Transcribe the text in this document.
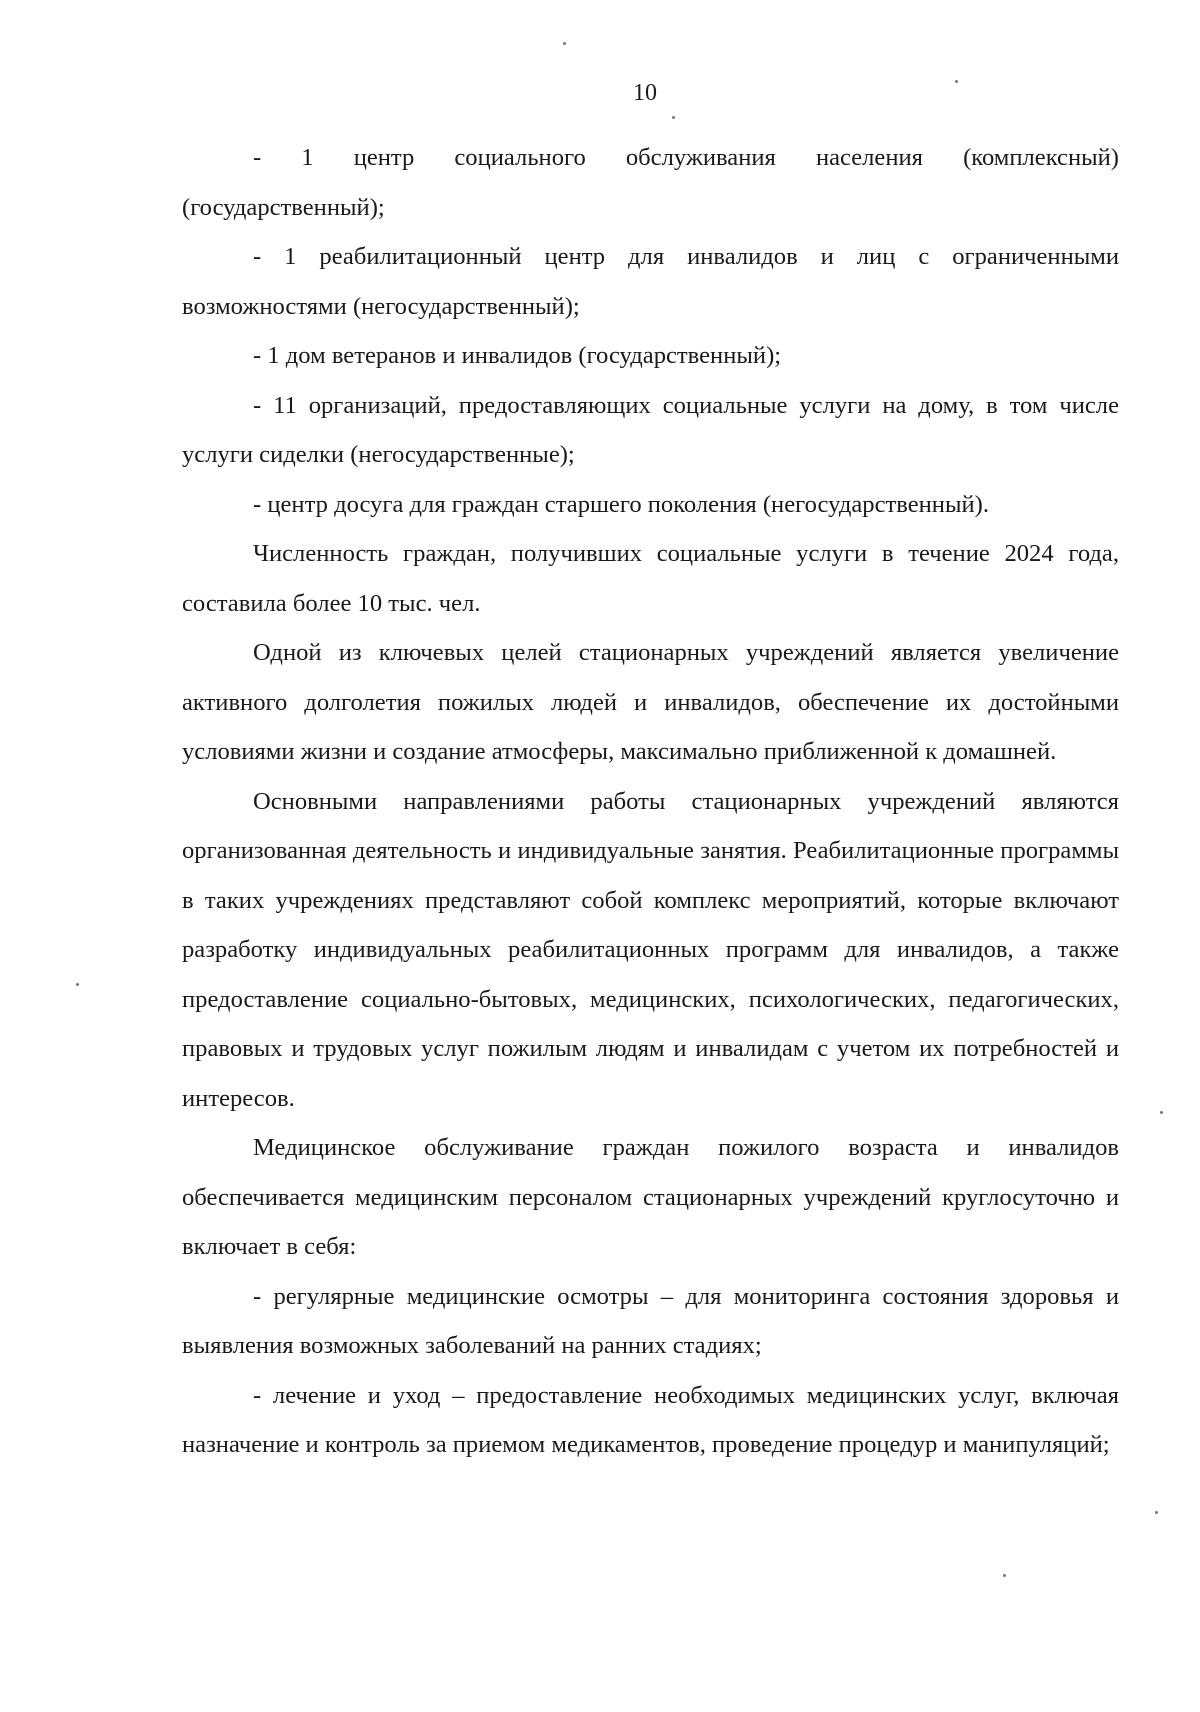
10

- 1 центр социального обслуживания населения (комплексный) (государственный);

- 1 реабилитационный центр для инвалидов и лиц с ограниченными возможностями (негосударственный);

- 1 дом ветеранов и инвалидов (государственный);

- 11 организаций, предоставляющих социальные услуги на дому, в том числе услуги сиделки (негосударственные);

- центр досуга для граждан старшего поколения (негосударственный).

Численность граждан, получивших социальные услуги в течение 2024 года, составила более 10 тыс. чел.

Одной из ключевых целей стационарных учреждений является увеличение активного долголетия пожилых людей и инвалидов, обеспечение их достойными условиями жизни и создание атмосферы, максимально приближенной к домашней.

Основными направлениями работы стационарных учреждений являются организованная деятельность и индивидуальные занятия. Реабилитационные программы в таких учреждениях представляют собой комплекс мероприятий, которые включают разработку индивидуальных реабилитационных программ для инвалидов, а также предоставление социально-бытовых, медицинских, психологических, педагогических, правовых и трудовых услуг пожилым людям и инвалидам с учетом их потребностей и интересов.

Медицинское обслуживание граждан пожилого возраста и инвалидов обеспечивается медицинским персоналом стационарных учреждений круглосуточно и включает в себя:

- регулярные медицинские осмотры – для мониторинга состояния здоровья и выявления возможных заболеваний на ранних стадиях;

- лечение и уход – предоставление необходимых медицинских услуг, включая назначение и контроль за приемом медикаментов, проведение процедур и манипуляций;
